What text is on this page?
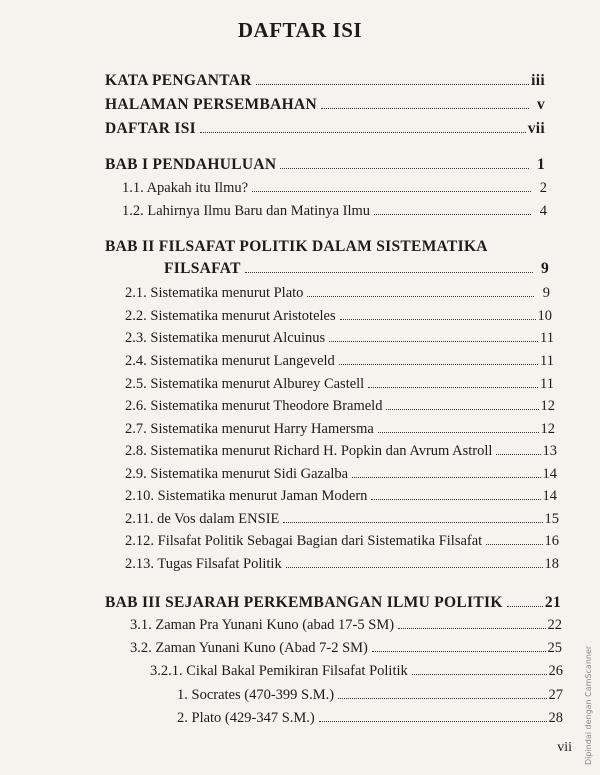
DAFTAR ISI
KATA PENGANTAR	iii
HALAMAN PERSEMBAHAN	v
DAFTAR ISI	vii
BAB I PENDAHULUAN	1
1.1. Apakah itu Ilmu?	2
1.2. Lahirnya Ilmu Baru dan Matinya Ilmu	4
BAB II FILSAFAT POLITIK DALAM SISTEMATIKA
FILSAFAT	9
2.1. Sistematika menurut Plato	9
2.2. Sistematika menurut Aristoteles	10
2.3. Sistematika menurut Alcuinus	11
2.4. Sistematika menurut Langeveld	11
2.5. Sistematika menurut Alburey Castell	11
2.6. Sistematika menurut Theodore Brameld	12
2.7. Sistematika menurut Harry Hamersma	12
2.8. Sistematika menurut Richard H. Popkin dan Avrum Astroll	13
2.9. Sistematika menurut Sidi Gazalba	14
2.10. Sistematika menurut Jaman Modern	14
2.11. de Vos dalam ENSIE	15
2.12. Filsafat Politik Sebagai Bagian dari Sistematika Filsafat	16
2.13. Tugas Filsafat Politik	18
BAB III SEJARAH PERKEMBANGAN ILMU POLITIK	21
3.1. Zaman Pra Yunani Kuno (abad 17-5 SM)	22
3.2. Zaman Yunani Kuno (Abad 7-2 SM)	25
3.2.1. Cikal Bakal Pemikiran Filsafat Politik	26
1. Socrates (470-399 S.M.)	27
2. Plato (429-347 S.M.)	28
vii Dipindai dengan CamScanner
